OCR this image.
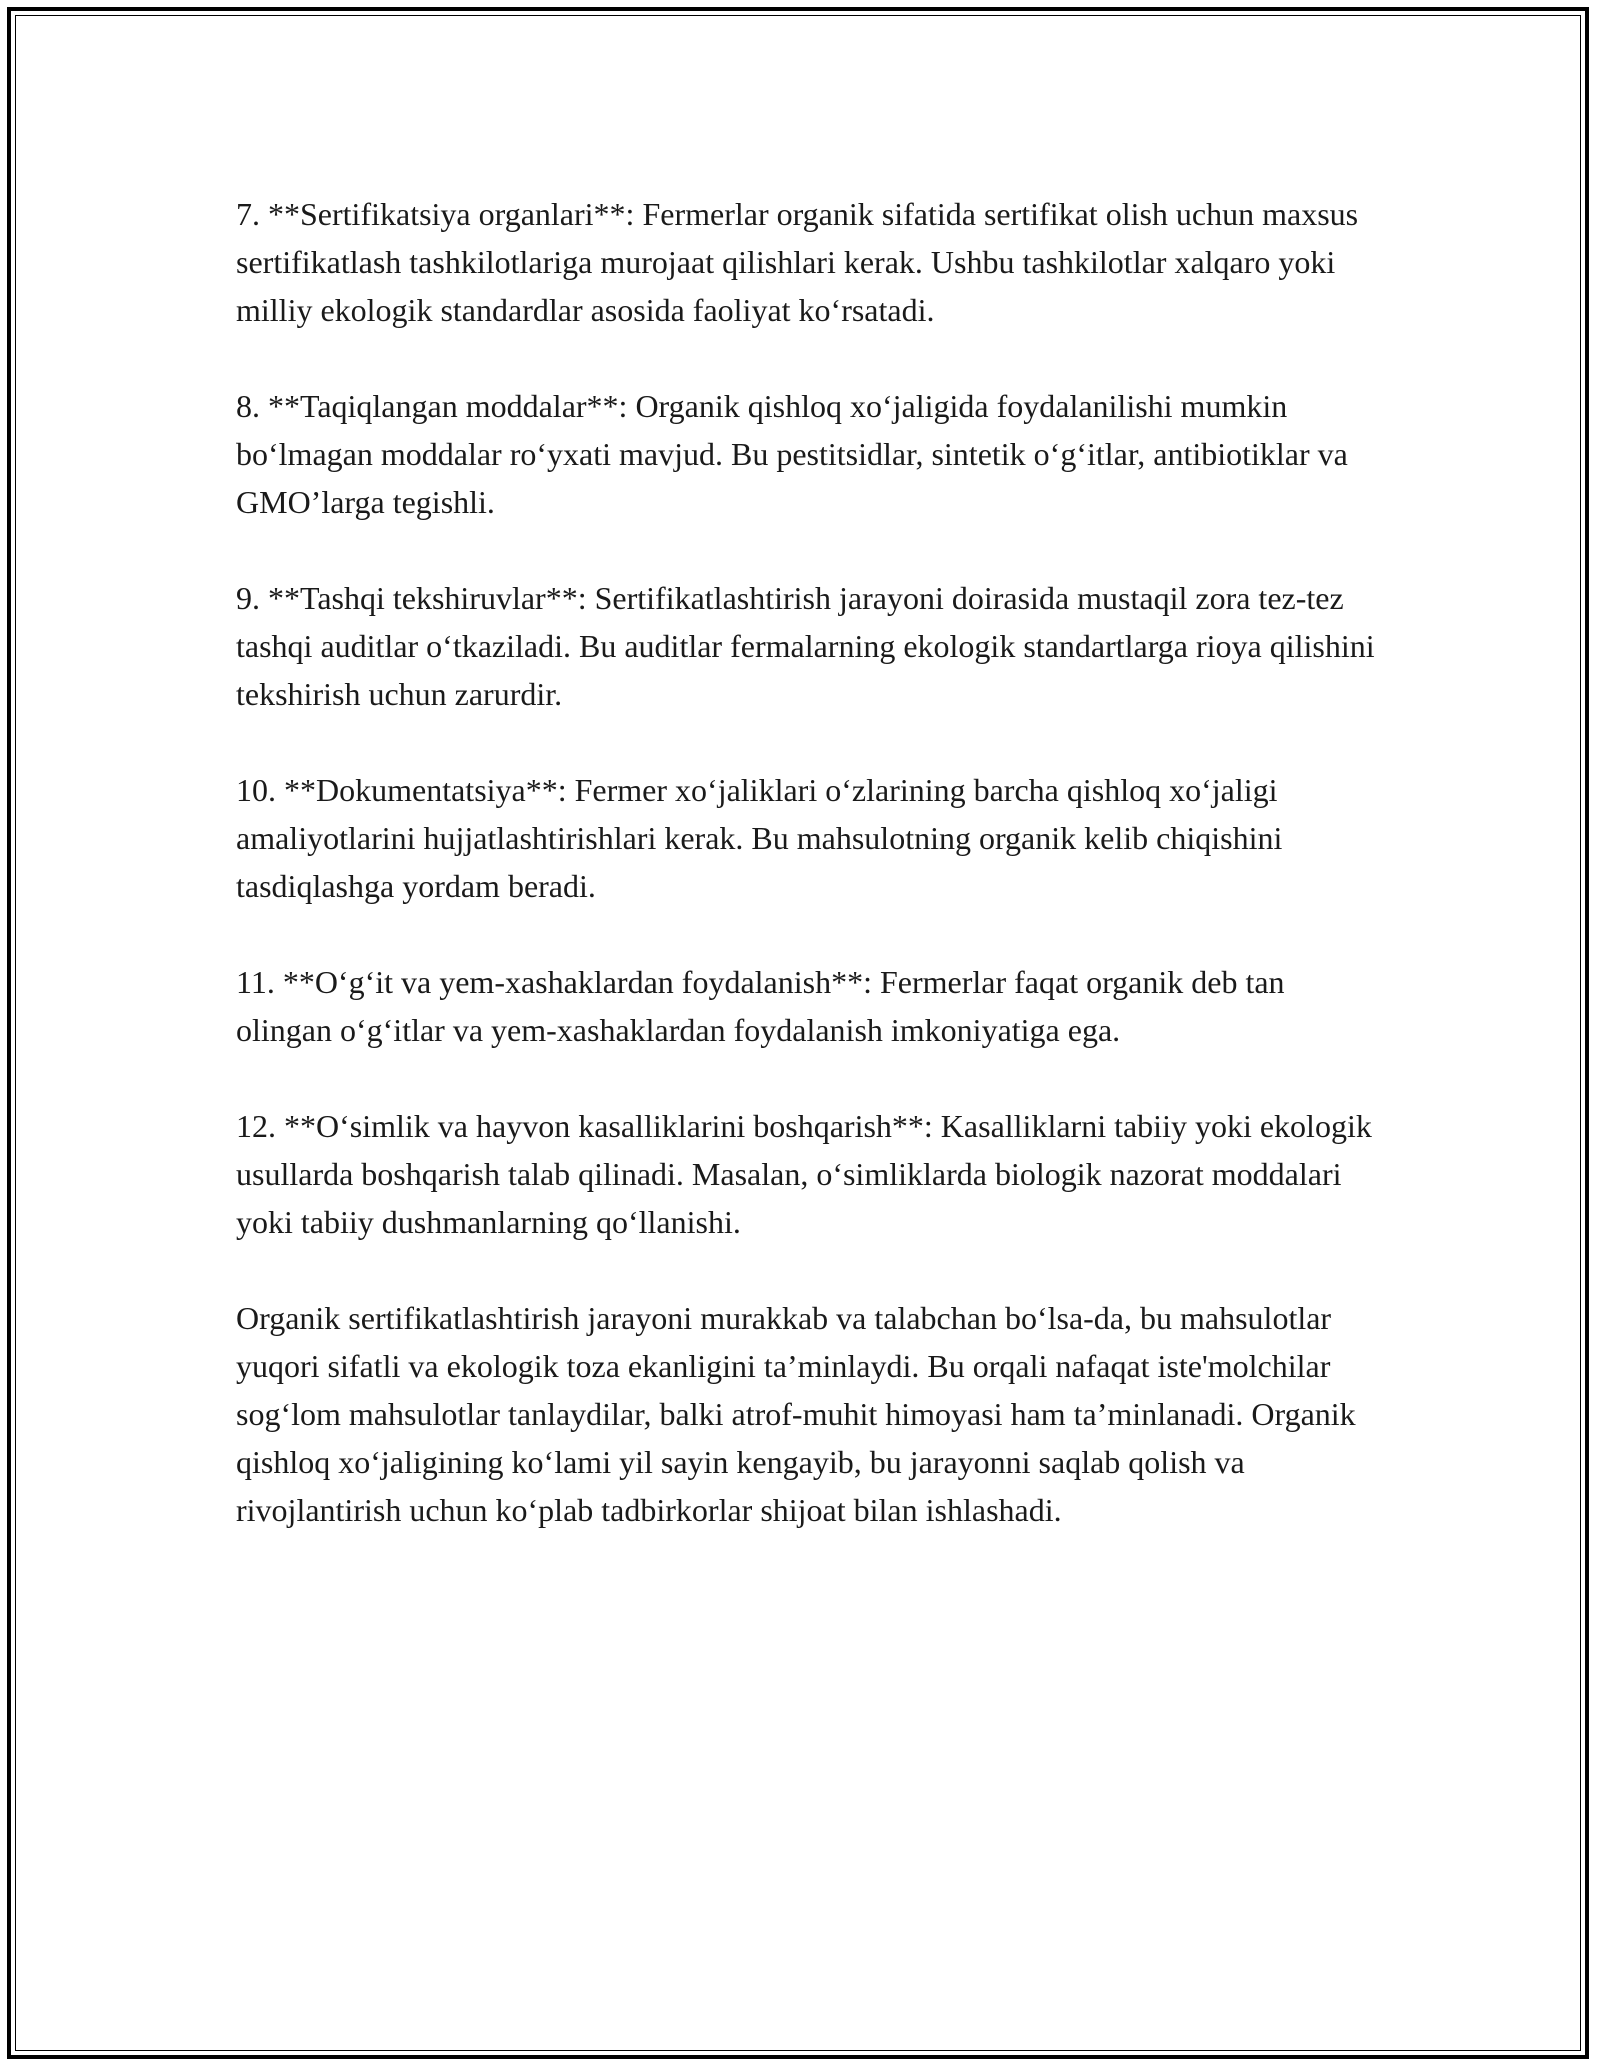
7. **Sertifikatsiya organlari**: Fermerlar organik sifatida sertifikat olish uchun maxsus sertifikatlash tashkilotlariga murojaat qilishlari kerak. Ushbu tashkilotlar xalqaro yoki milliy ekologik standardlar asosida faoliyat ko‘rsatadi.

8. **Taqiqlangan moddalar**: Organik qishloq xo‘jaligida foydalanilishi mumkin bo‘lmagan moddalar ro‘yxati mavjud. Bu pestitsidlar, sintetik o‘g‘itlar, antibiotiklar va GMO’larga tegishli.

9. **Tashqi tekshiruvlar**: Sertifikatlashtirish jarayoni doirasida mustaqil zora tez-tez tashqi auditlar o‘tkaziladi. Bu auditlar fermalarning ekologik standartlarga rioya qilishini tekshirish uchun zarurdir.

10. **Dokumentatsiya**: Fermer xo‘jaliklari o‘zlarining barcha qishloq xo‘jaligi amaliyotlarini hujjatlashtirishlari kerak. Bu mahsulotning organik kelib chiqishini tasdiqlashga yordam beradi.

11. **O‘g‘it va yem-xashaklardan foydalanish**: Fermerlar faqat organik deb tan olingan o‘g‘itlar va yem-xashaklardan foydalanish imkoniyatiga ega.

12. **O‘simlik va hayvon kasalliklarini boshqarish**: Kasalliklarni tabiiy yoki ekologik usullarda boshqarish talab qilinadi. Masalan, o‘simliklarda biologik nazorat moddalari yoki tabiiy dushmanlarning qo‘llanishi.

Organik sertifikatlashtirish jarayoni murakkab va talabchan bo‘lsa-da, bu mahsulotlar yuqori sifatli va ekologik toza ekanligini ta’minlaydi. Bu orqali nafaqat iste'molchilar sog‘lom mahsulotlar tanlaydilar, balki atrof-muhit himoyasi ham ta’minlanadi. Organik qishloq xo‘jaligining ko‘lami yil sayin kengayib, bu jarayonni saqlab qolish va rivojlantirish uchun ko‘plab tadbirkorlar shijoat bilan ishlashadi.
